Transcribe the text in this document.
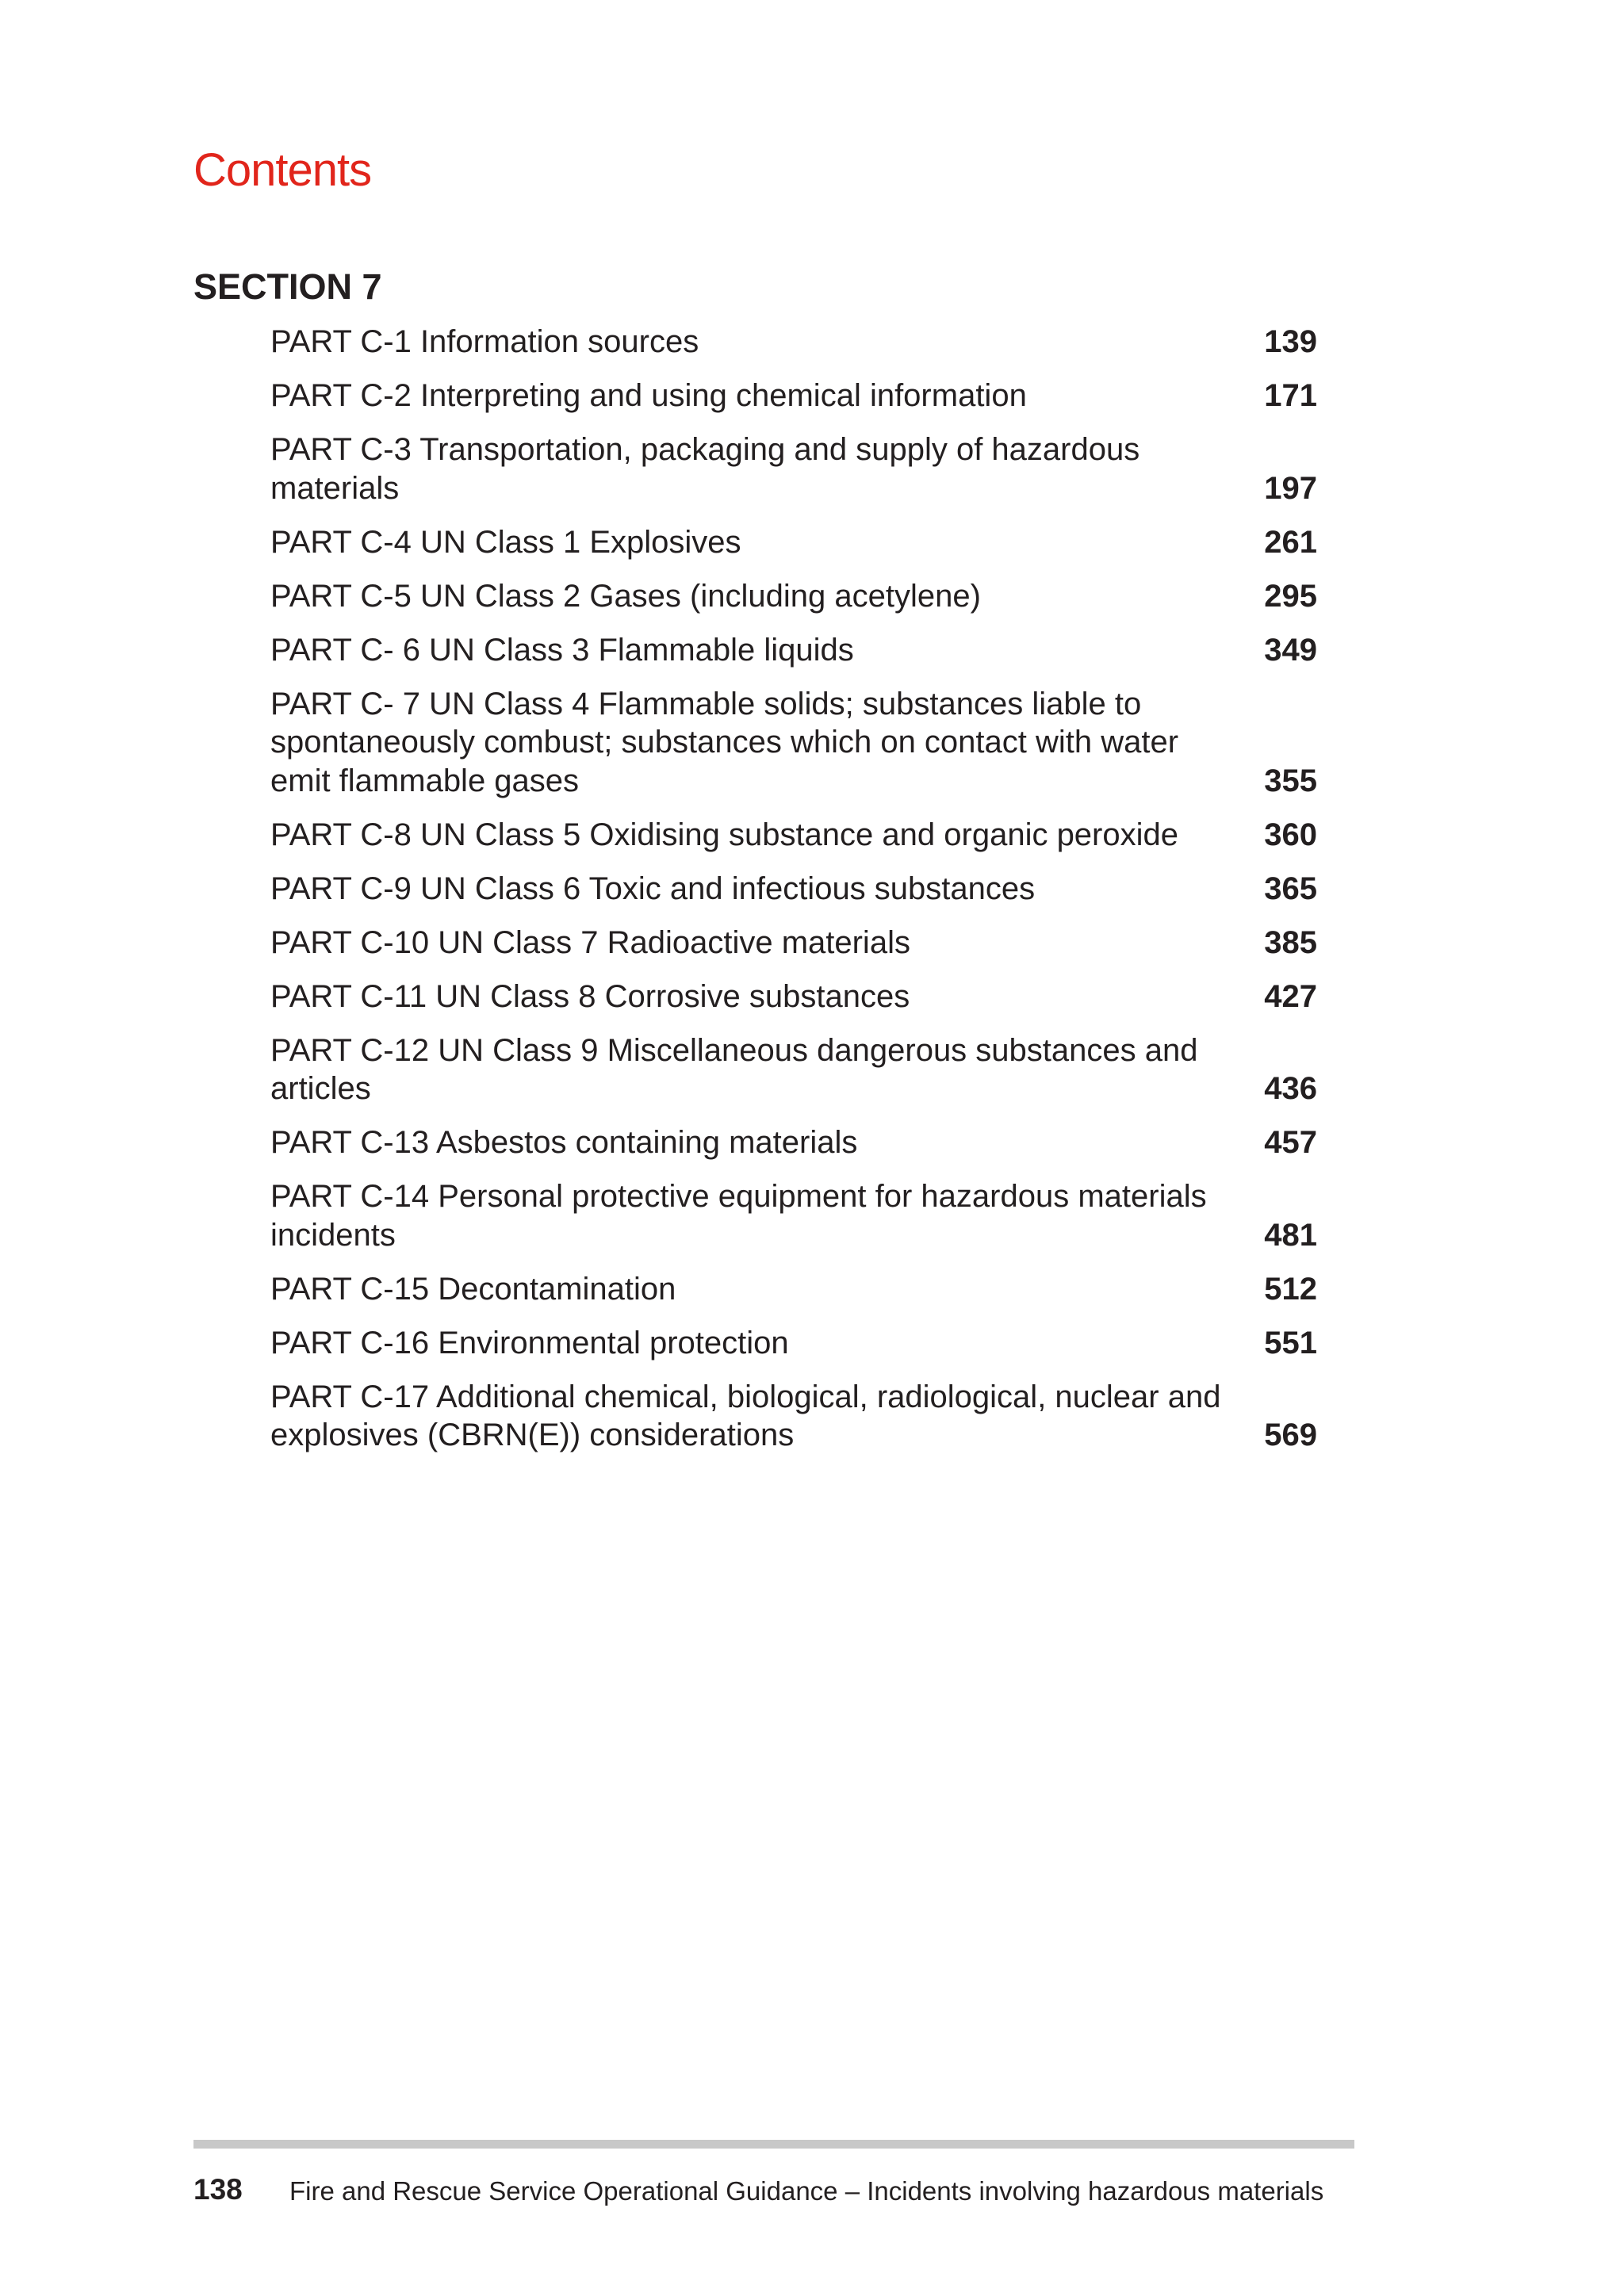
Contents
SECTION 7
PART C-1 Information sources	139
PART C-2 Interpreting and using chemical information	171
PART C-3 Transportation, packaging and supply of hazardous materials	197
PART C-4 UN Class 1 Explosives	261
PART C-5 UN Class 2 Gases (including acetylene)	295
PART C- 6 UN Class 3 Flammable liquids	349
PART C- 7 UN Class 4 Flammable solids; substances liable to spontaneously combust; substances which on contact with water emit flammable gases	355
PART C-8 UN Class 5 Oxidising substance and organic peroxide	360
PART C-9 UN Class 6 Toxic and infectious substances	365
PART C-10 UN Class 7 Radioactive materials	385
PART C-11 UN Class 8 Corrosive substances	427
PART C-12 UN Class 9 Miscellaneous dangerous substances and articles	436
PART C-13 Asbestos containing materials	457
PART C-14 Personal protective equipment for hazardous materials incidents	481
PART C-15 Decontamination	512
PART C-16 Environmental protection	551
PART C-17 Additional chemical, biological, radiological, nuclear and explosives (CBRN(E)) considerations	569
138 Fire and Rescue Service Operational Guidance – Incidents involving hazardous materials
